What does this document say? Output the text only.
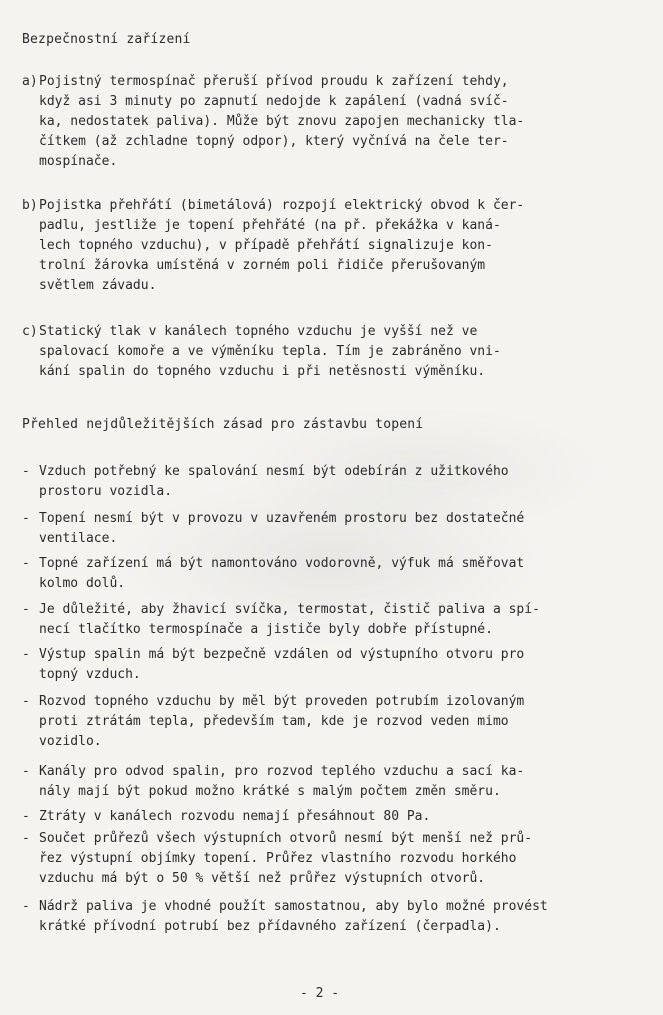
Bezpečnostní zařízení
a) Pojistný termospínač přeruší přívod proudu k zařízení tehdy,
když asi 3 minuty po zapnutí nedojde k zapálení (vadná svíč-
ka, nedostatek paliva). Může být znovu zapojen mechanicky tla-
čítkem (až zchladne topný odpor), který vyčnívá na čele ter-
mospínače.
b) Pojistka přehřátí (bimetálová) rozpojí elektrický obvod k čer-
padlu, jestliže je topení přehřáté (na př. překážka v kaná-
lech topného vzduchu), v případě přehřátí signalizuje kon-
trolní žárovka umístěná v zorném poli řidiče přerušovaným
světlem závadu.
c) Statický tlak v kanálech topného vzduchu je vyšší než ve
spalovací komoře a ve výměníku tepla. Tím je zabráněno vni-
kání spalin do topného vzduchu i při netěsnosti výměníku.
Přehled nejdůležitějších zásad pro zástavbu topení
- Vzduch potřebný ke spalování nesmí být odebírán z užitkového
prostoru vozidla.
- Topení nesmí být v provozu v uzavřeném prostoru bez dostatečné
ventilace.
- Topné zařízení má být namontováno vodorovně, výfuk má směřovat
kolmo dolů.
- Je důležité, aby žhavicí svíčka, termostat, čistič paliva a spí-
necí tlačítko termospínače a jističe byly dobře přístupné.
- Výstup spalin má být bezpečně vzdálen od výstupního otvoru pro
topný vzduch.
- Rozvod topného vzduchu by měl být proveden potrubím izolovaným
proti ztrátám tepla, především tam, kde je rozvod veden mimo
vozidlo.
- Kanály pro odvod spalin, pro rozvod teplého vzduchu a sací ka-
nály mají být pokud možno krátké s malým počtem změn směru.
- Ztráty v kanálech rozvodu nemají přesáhnout 80 Pa.
- Součet průřezů všech výstupních otvorů nesmí být menší než prů-
řez výstupní objímky topení. Průřez vlastního rozvodu horkého
vzduchu má být o 50 % větší než průřez výstupních otvorů.
- Nádrž paliva je vhodné použít samostatnou, aby bylo možné provést
krátké přívodní potrubí bez přídavného zařízení (čerpadla).
- 2 -
